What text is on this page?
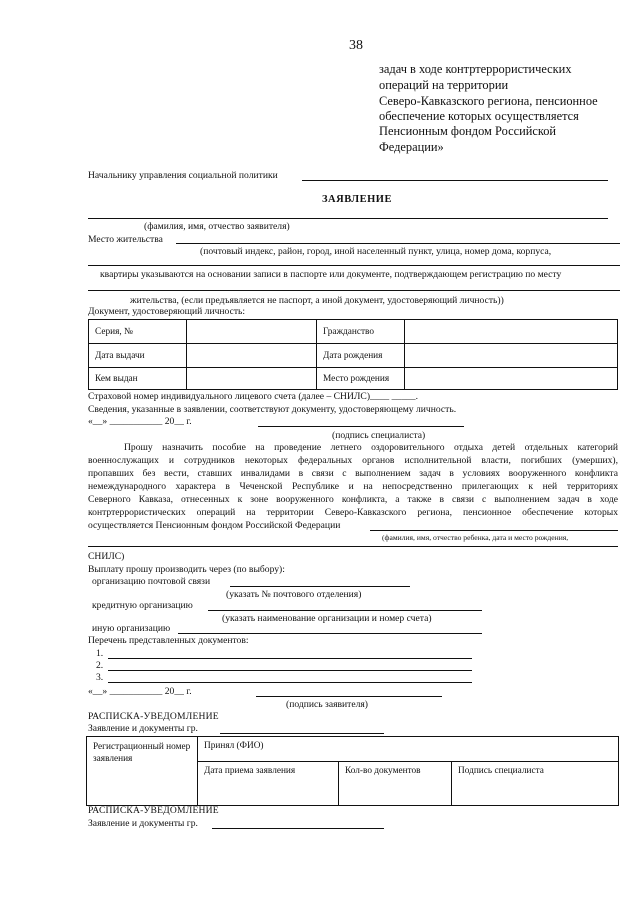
38
задач в ходе контртеррористических
операций на территории
Северо-Кавказского региона, пенсионное
обеспечение которых осуществляется
Пенсионным фондом Российской
Федерации»
Начальнику управления социальной политики
ЗАЯВЛЕНИЕ
(фамилия, имя, отчество заявителя)
Место жительства
(почтовый индекс, район, город, иной населенный пункт, улица, номер дома, корпуса,
квартиры указываются на основании записи в паспорте или документе, подтверждающем регистрацию по месту
жительства, (если предъявляется не паспорт, а иной документ, удостоверяющий личность))
Документ, удостоверяющий личность:
Серия, №		Гражданство	
Дата выдачи		Дата рождения	
Кем выдан		Место рождения	
Страховой номер индивидуального лицевого счета (далее – СНИЛС)____ _____.
Сведения, указанные в заявлении, соответствуют документу, удостоверяющему личность.
«__» ___________ 20__ г.
(подпись специалиста)
Прошу назначить пособие на проведение летнего оздоровительного отдыха детей отдельных категорий
военнослужащих и сотрудников некоторых федеральных органов исполнительной власти, погибших (умерших),
пропавших без вести, ставших инвалидами в связи с выполнением задач в условиях вооруженного конфликта
немеждународного характера в Чеченской Республике и на непосредственно прилегающих к ней территориях
Северного Кавказа, отнесенных к зоне вооруженного конфликта, а также в связи с выполнением задач в ходе
контртеррористических операций на территории Северо-Кавказского региона, пенсионное обеспечение которых
осуществляется Пенсионным фондом Российской Федерации
(фамилия, имя, отчество ребенка, дата и место рождения,
СНИЛС)
Выплату прошу производить через (по выбору):
организацию почтовой связи
(указать № почтового отделения)
кредитную организацию
(указать наименование организации и номер счета)
иную организацию
Перечень представленных документов:
1.
2.
3.
«__» ___________ 20__ г.
(подпись заявителя)
РАСПИСКА-УВЕДОМЛЕНИЕ
Заявление и документы гр.
Регистрационный номер заявления	Принял (ФИО)		
	Дата приема заявления	Кол-во документов	Подпись специалиста
РАСПИСКА-УВЕДОМЛЕНИЕ
Заявление и документы гр.
